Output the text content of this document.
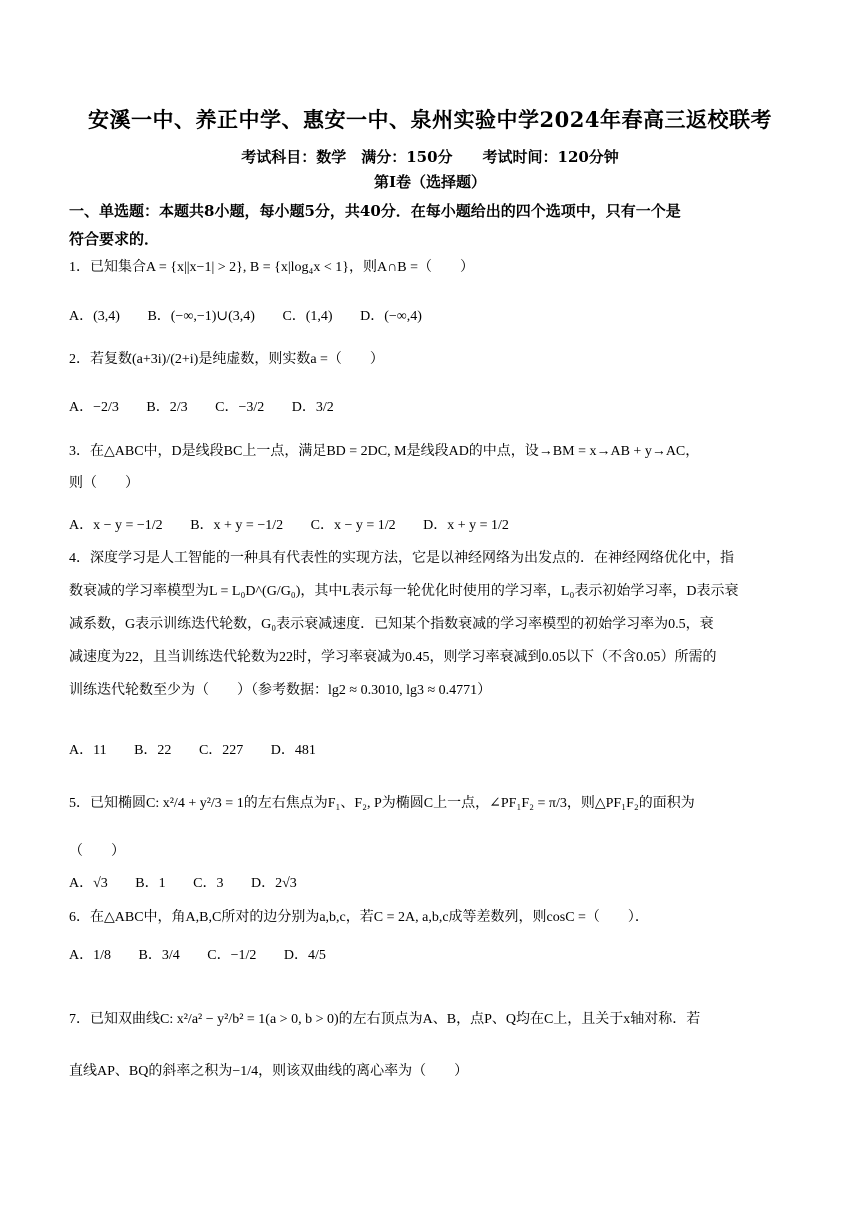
安溪一中、养正中学、惠安一中、泉州实验中学2024年春高三返校联考
考试科目：数学　满分：150分　　考试时间：120分钟
第Ⅰ卷（选择题）
一、单选题：本题共8小题，每小题5分，共40分．在每小题给出的四个选项中，只有一个是
符合要求的．
1．已知集合A = {x||x−1| > 2}, B = {x|log₄x < 1}，则A∩B =（　　）
A．(3,4) B．(−∞,−1)∪(3,4) C．(1,4) D．(−∞,4)
2．若复数(a+3i)/(2+i)是纯虚数，则实数a =（　　）
A．−2/3 B．2/3 C．−3/2 D．3/2
3．在△ABC中，D是线段BC上一点，满足BD = 2DC, M是线段AD的中点，设→BM = x→AB + y→AC，
则（　　）
A．x − y = −1/2 B．x + y = −1/2 C．x − y = 1/2 D．x + y = 1/2
4．深度学习是人工智能的一种具有代表性的实现方法，它是以神经网络为出发点的．在神经网络优化中，指
数衰减的学习率模型为L = L₀D^(G/G₀)，其中L表示每一轮优化时使用的学习率，L₀表示初始学习率，D表示衰
减系数，G表示训练迭代轮数，G₀表示衰减速度．已知某个指数衰减的学习率模型的初始学习率为0.5，衰
减速度为22，且当训练迭代轮数为22时，学习率衰减为0.45，则学习率衰减到0.05以下（不含0.05）所需的
训练迭代轮数至少为（　　）（参考数据：lg2 ≈ 0.3010, lg3 ≈ 0.4771）
A．11 B．22 C．227 D．481
5．已知椭圆C: x²/4 + y²/3 = 1的左右焦点为F₁、F₂, P为椭圆C上一点，∠PF₁F₂ = π/3，则△PF₁F₂的面积为
（　　）
A．√3 B．1 C．3 D．2√3
6．在△ABC中，角A,B,C所对的边分别为a,b,c，若C = 2A, a,b,c成等差数列，则cosC =（　　）．
A．1/8 B．3/4 C．−1/2 D．4/5
7．已知双曲线C: x²/a² − y²/b² = 1(a > 0, b > 0)的左右顶点为A、B，点P、Q均在C上，且关于x轴对称．若
直线AP、BQ的斜率之积为−1/4，则该双曲线的离心率为（　　）
